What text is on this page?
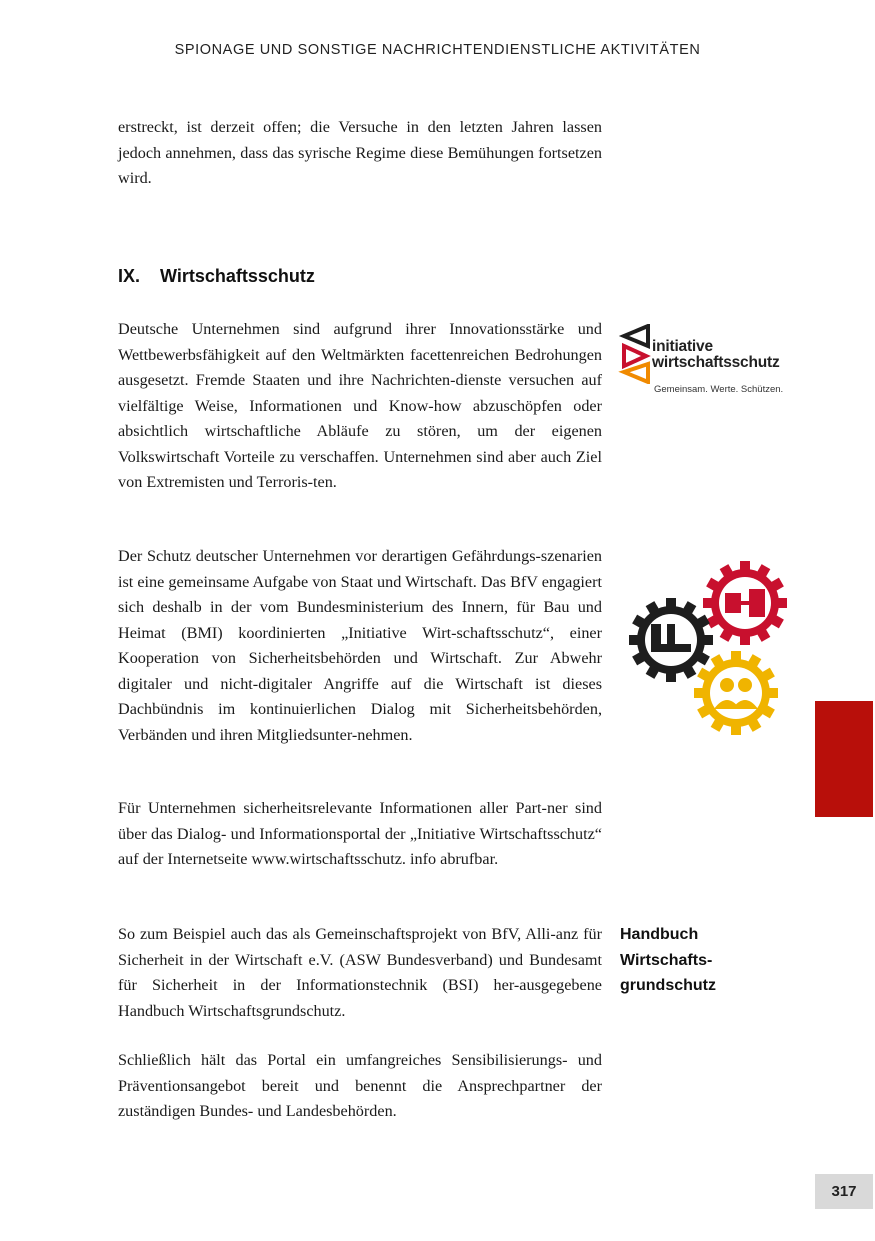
SPIONAGE UND SONSTIGE NACHRICHTENDIENSTLICHE AKTIVITÄTEN

erstreckt, ist derzeit offen; die Versuche in den letzten Jahren lassen jedoch annehmen, dass das syrische Regime diese Bemühungen fortsetzen wird.

IX. Wirtschaftsschutz

Deutsche Unternehmen sind aufgrund ihrer Innovationsstärke und Wettbewerbsfähigkeit auf den Weltmärkten facettenreichen Bedrohungen ausgesetzt. Fremde Staaten und ihre Nachrichten-dienste versuchen auf vielfältige Weise, Informationen und Know-how abzuschöpfen oder absichtlich wirtschaftliche Abläufe zu stören, um der eigenen Volkswirtschaft Vorteile zu verschaffen. Unternehmen sind aber auch Ziel von Extremisten und Terroris-ten.

Der Schutz deutscher Unternehmen vor derartigen Gefährdungs-szenarien ist eine gemeinsame Aufgabe von Staat und Wirtschaft. Das BfV engagiert sich deshalb in der vom Bundesministerium des Innern, für Bau und Heimat (BMI) koordinierten „Initiative Wirt-schaftsschutz“, einer Kooperation von Sicherheitsbehörden und Wirtschaft. Zur Abwehr digitaler und nicht-digitaler Angriffe auf die Wirtschaft ist dieses Dachbündnis im kontinuierlichen Dialog mit Sicherheitsbehörden, Verbänden und ihren Mitgliedsunter-nehmen.

Für Unternehmen sicherheitsrelevante Informationen aller Part-ner sind über das Dialog- und Informationsportal der „Initiative Wirtschaftsschutz“ auf der Internetseite www.wirtschaftsschutz. info abrufbar.

So zum Beispiel auch das als Gemeinschaftsprojekt von BfV, Alli-anz für Sicherheit in der Wirtschaft e.V. (ASW Bundesverband) und Bundesamt für Sicherheit in der Informationstechnik (BSI) her-ausgegebene Handbuch Wirtschaftsgrundschutz.

Schließlich hält das Portal ein umfangreiches Sensibilisierungs- und Präventionsangebot bereit und benennt die Ansprechpartner der zuständigen Bundes- und Landesbehörden.

initiative
wirtschaftsschutz
Gemeinsam. Werte. Schützen.
Handbuch
Wirtschafts-
grundschutz
317
